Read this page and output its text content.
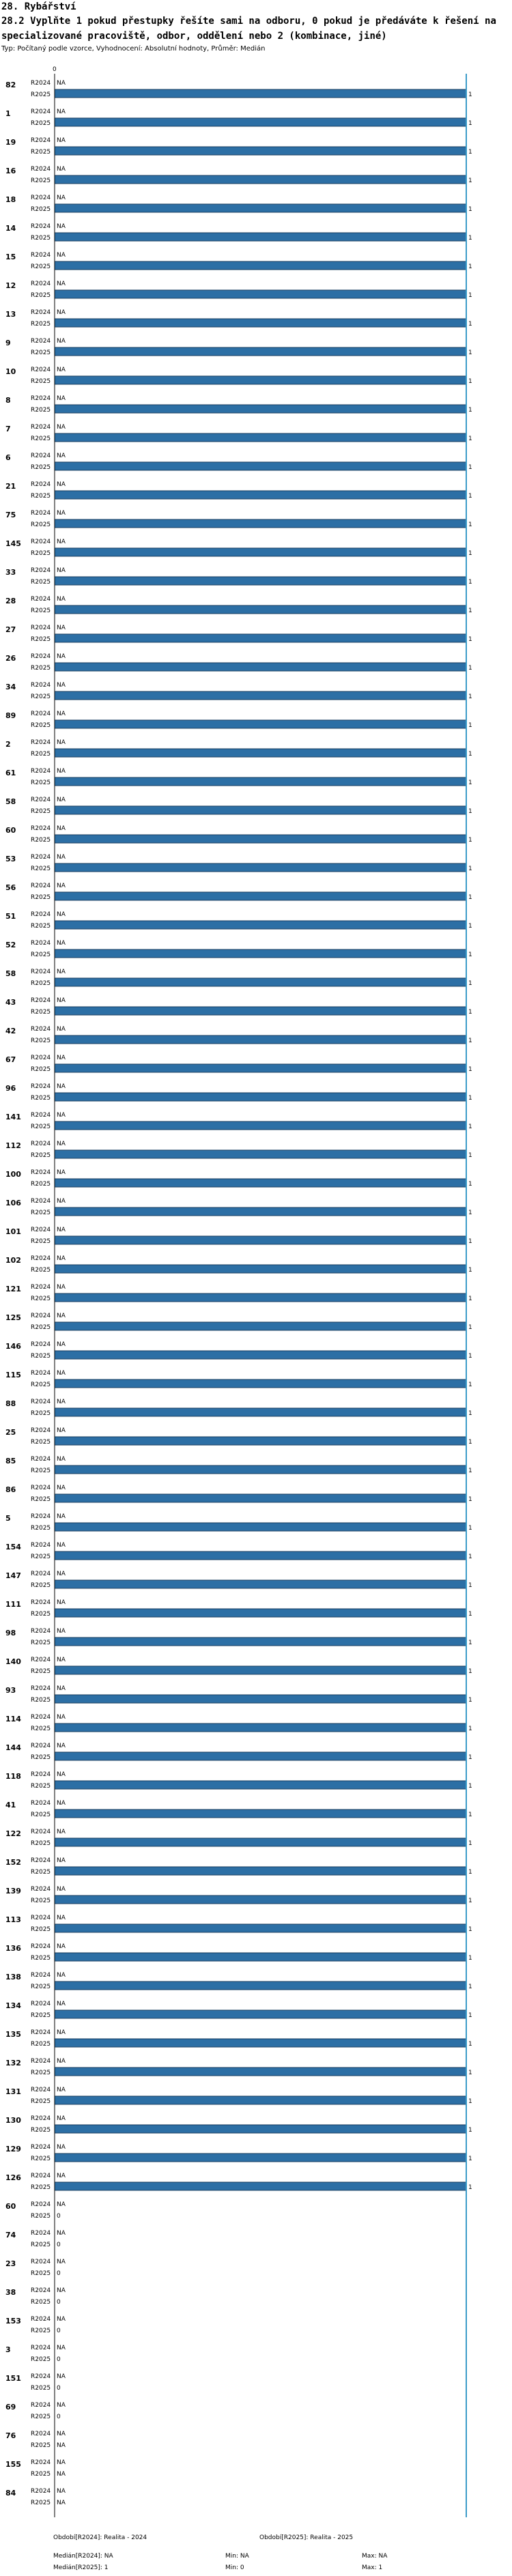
28. Rybářství
28.2 Vyplňte 1 pokud přestupky řešíte sami na odboru, 0 pokud je předáváte k řešení na specializované pracoviště, odbor, oddělení nebo 2 (kombinace, jiné)
Typ: Počítaný podle vzorce, Vyhodnocení: Absolutní hodnoty, Průměr: Medián
0
82 R2024 NA
R2025	1
1	R2024 NA
R2025	1
19 R2024 NA
R2025	1
16 R2024 NA
R2025	1
18 R2024 NA
R2025	1
14 R2024 NA
R2025	1
15 R2024 NA
R2025	1
12 R2024 NA
R2025	1
13 R2024 NA
R2025	1
9	R2024 NA
R2025	1
10 R2024 NA
R2025	1
8	R2024 NA
R2025	1
7	R2024 NA
R2025	1
6	R2024 NA
R2025	1
21 R2024 NA
R2025	1
75 R2024 NA
R2025	1
145 R2024 NA
R2025	1
33 R2024 NA
R2025	1
28 R2024 NA
R2025	1
27 R2024 NA
R2025	1
26 R2024 NA
R2025	1
34 R2024 NA
R2025	1
89 R2024 NA
R2025	1
2	R2024 NA
R2025	1
61 R2024 NA
R2025	1
58 R2024 NA
R2025	1
60 R2024 NA
R2025	1
53 R2024 NA
R2025	1
56 R2024 NA
R2025	1
51 R2024 NA
R2025	1
52 R2024 NA
R2025	1
58 R2024 NA
R2025	1
43 R2024 NA
R2025	1
42 R2024 NA
R2025	1
67 R2024 NA
R2025	1
96 R2024 NA
R2025	1
141 R2024 NA
R2025	1
112 R2024 NA
R2025	1
100 R2024 NA
R2025	1
106 R2024 NA
R2025	1
101 R2024 NA
R2025	1
102 R2024 NA
R2025	1
121 R2024 NA
R2025	1
125 R2024 NA
R2025	1
146 R2024 NA
R2025	1
115 R2024 NA
R2025	1
88 R2024 NA
R2025	1
25 R2024 NA
R2025	1
85 R2024 NA
R2025	1
86 R2024 NA
R2025	1
5	R2024 NA
R2025	1
154 R2024 NA
R2025	1
147 R2024 NA
R2025	1
111 R2024 NA
R2025	1
98 R2024 NA
R2025	1
140 R2024 NA
R2025	1
93 R2024 NA
R2025	1
114 R2024 NA
R2025	1
144 R2024 NA
R2025	1
118 R2024 NA
R2025	1
41 R2024 NA
R2025	1
122 R2024 NA
R2025	1
152 R2024 NA
R2025	1
139 R2024 NA
R2025	1
113 R2024 NA
R2025	1
136 R2024 NA
R2025	1
138 R2024 NA
R2025	1
134 R2024 NA
R2025	1
135 R2024 NA
R2025	1
132 R2024 NA
R2025	1
131 R2024 NA
R2025	1
130 R2024 NA
R2025	1
129 R2024 NA
R2025	1
126 R2024 NA
R2025	1
60 R2024 NA
R2025 0
74 R2024 NA
R2025 0
23 R2024 NA
R2025 0
38 R2024 NA
R2025 0
153 R2024 NA
R2025 0
3	R2024 NA
R2025 0
151 R2024 NA
R2025 0
69 R2024 NA
R2025 0
76 R2024 NA
R2025 NA
155 R2024 NA
R2025 NA
84 R2024 NA
R2025 NA
Období[R2024]: Realita - 2024	Období[R2025]: Realita - 2025
Medián[R2024]: NA	Min: NA	Max: NA
Medián[R2025]: 1	Min: 0	Max: 1
